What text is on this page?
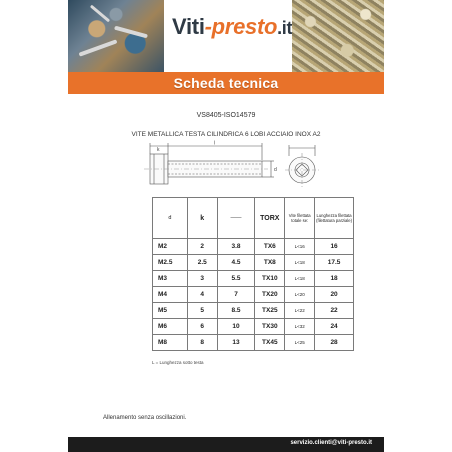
Viti-presto.it
Scheda tecnica
VS8405-ISO14579
VITE METALLICA TESTA CILINDRICA 6 LOBI ACCIAIO INOX A2
k
l
d
d	k	——	TORX	Vite filettata totale se:	Lunghezza filettata (filettatura parziale)

M2	2	3.8	TX6	L<16	16
M2.5	2.5	4.5	TX8	L<18	17.5
M3	3	5.5	TX10	L<18	18
M4	4	7	TX20	L<20	20
M5	5	8.5	TX25	L<22	22
M6	6	10	TX30	L<32	24
M8	8	13	TX45	L<25	28
L = Lunghezza sotto testa
Allenamento senza oscillazioni.
servizio.clienti@viti-presto.it
